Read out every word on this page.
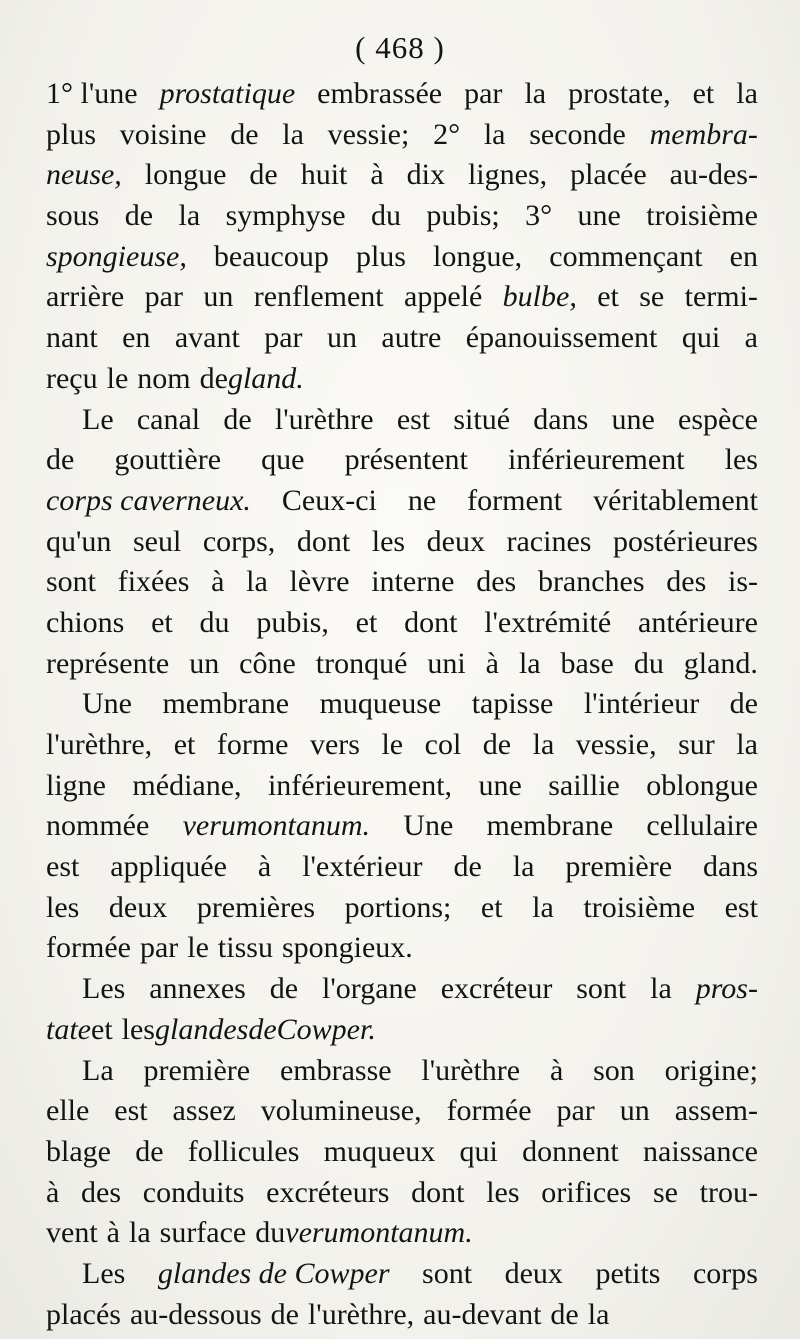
( 468 )
1° l'une prostatique embrassée par la prostate, et la
plus voisine de la vessie; 2° la seconde membra-
neuse, longue de huit à dix lignes, placée au-des-
sous de la symphyse du pubis; 3° une troisième
spongieuse, beaucoup plus longue, commençant en
arrière par un renflement appelé bulbe, et se termi-
nant en avant par un autre épanouissement qui a
reçu le nom de gland.
Le canal de l'urèthre est situé dans une espèce
de gouttière que présentent inférieurement les
corps caverneux. Ceux-ci ne forment véritablement
qu'un seul corps, dont les deux racines postérieures
sont fixées à la lèvre interne des branches des is-
chions et du pubis, et dont l'extrémité antérieure
représente un cône tronqué uni à la base du gland.
Une membrane muqueuse tapisse l'intérieur de
l'urèthre, et forme vers le col de la vessie, sur la
ligne médiane, inférieurement, une saillie oblongue
nommée verumontanum. Une membrane cellulaire
est appliquée à l'extérieur de la première dans
les deux premières portions; et la troisième est
formée par le tissu spongieux.
Les annexes de l'organe excréteur sont la pros-
tate et les glandes de Cowper.
La première embrasse l'urèthre à son origine;
elle est assez volumineuse, formée par un assem-
blage de follicules muqueux qui donnent naissance
à des conduits excréteurs dont les orifices se trou-
vent à la surface du verumontanum.
Les glandes de Cowper sont deux petits corps
placés au-dessous de l'urèthre, au-devant de la
